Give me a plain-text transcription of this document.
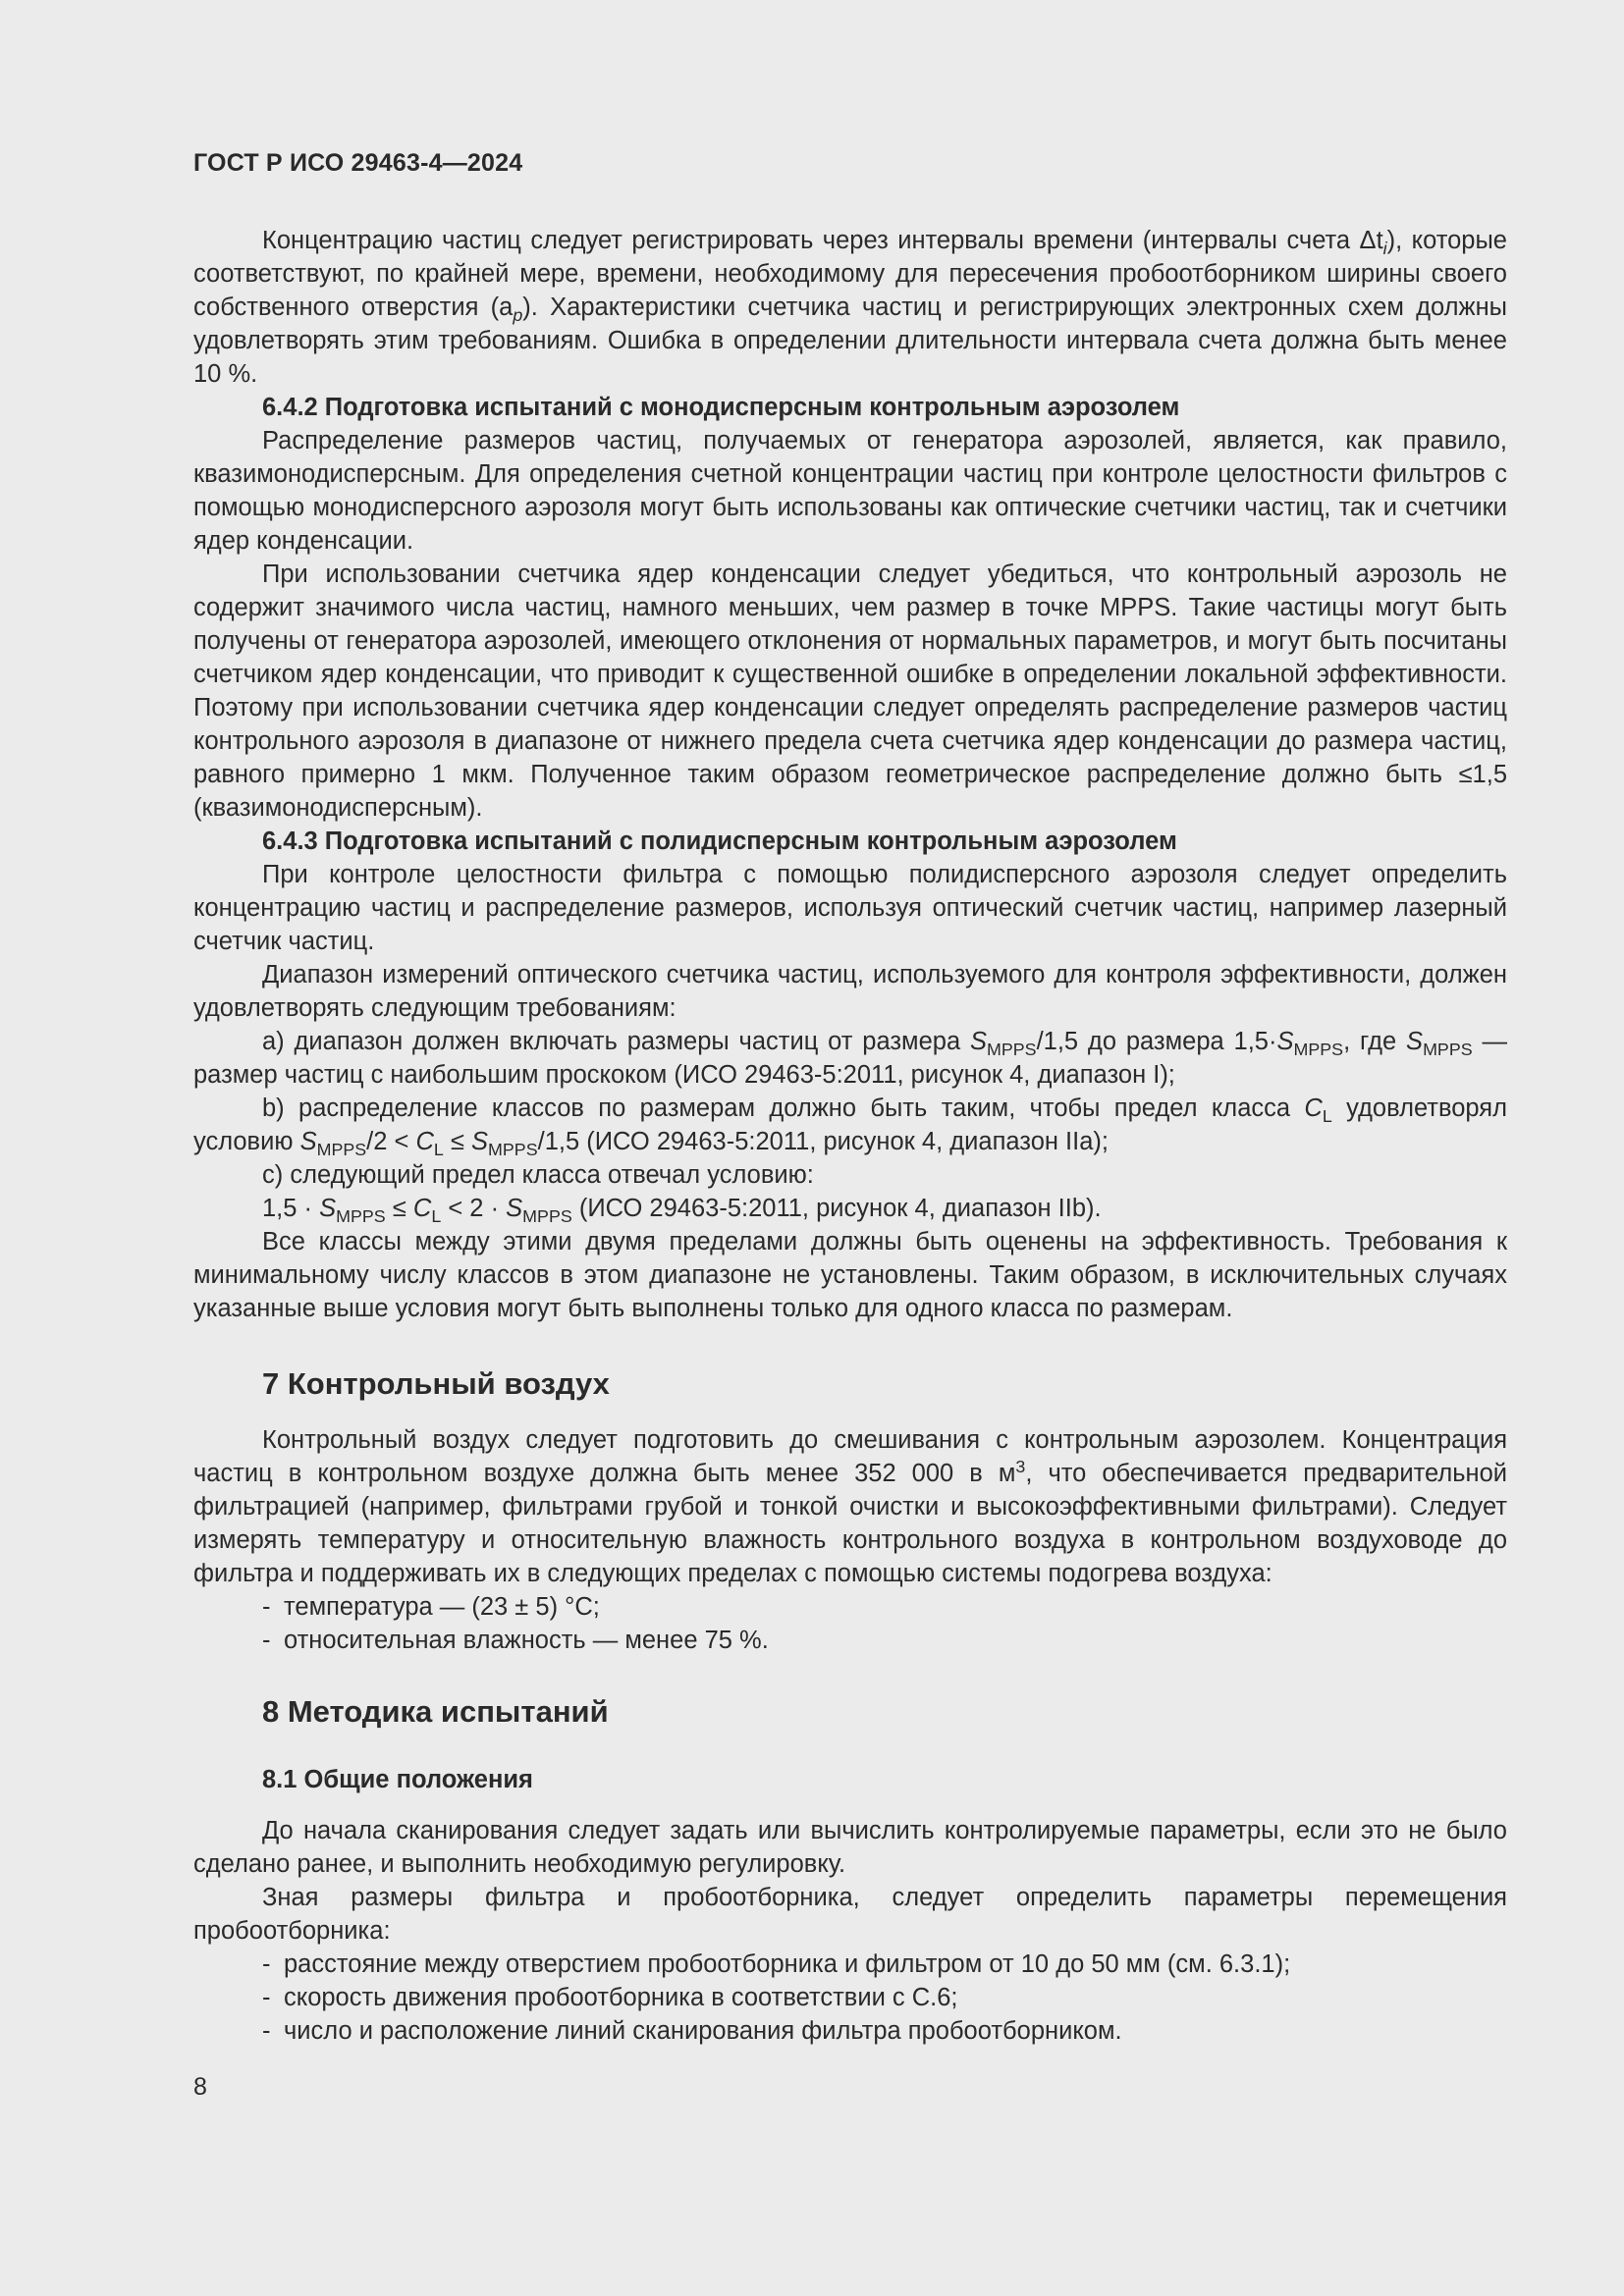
ГОСТ Р ИСО 29463-4—2024

Концентрацию частиц следует регистрировать через интервалы времени (интервалы счета $\Delta t_i$), которые соответствуют, по крайней мере, времени, необходимому для пересечения пробоотборником ширины своего собственного отверстия $(a_p)$. Характеристики счетчика частиц и регистрирующих электронных схем должны удовлетворять этим требованиям. Ошибка в определении длительности интервала счета должна быть менее 10 %.

6.4.2 Подготовка испытаний с монодисперсным контрольным аэрозолем

Распределение размеров частиц, получаемых от генератора аэрозолей, является, как правило, квазимонодисперсным. Для определения счетной концентрации частиц при контроле целостности фильтров с помощью монодисперсного аэрозоля могут быть использованы как оптические счетчики частиц, так и счетчики ядер конденсации.

При использовании счетчика ядер конденсации следует убедиться, что контрольный аэрозоль не содержит значимого числа частиц, намного меньших, чем размер в точке MPPS. Такие частицы могут быть получены от генератора аэрозолей, имеющего отклонения от нормальных параметров, и могут быть посчитаны счетчиком ядер конденсации, что приводит к существенной ошибке в определении локальной эффективности. Поэтому при использовании счетчика ядер конденсации следует определять распределение размеров частиц контрольного аэрозоля в диапазоне от нижнего предела счета счетчика ядер конденсации до размера частиц, равного примерно 1 мкм. Полученное таким образом геометрическое распределение должно быть ≤1,5 (квазимонодисперсным).

6.4.3 Подготовка испытаний с полидисперсным контрольным аэрозолем

При контроле целостности фильтра с помощью полидисперсного аэрозоля следует определить концентрацию частиц и распределение размеров, используя оптический счетчик частиц, например лазерный счетчик частиц.

Диапазон измерений оптического счетчика частиц, используемого для контроля эффективности, должен удовлетворять следующим требованиям:

a) диапазон должен включать размеры частиц от размера $S_{MPPS}/1,5$ до размера $1,5\cdot S_{MPPS}$, где $S_{MPPS}$ — размер частиц с наибольшим проскоком (ИСО 29463-5:2011, рисунок 4, диапазон I);

b) распределение классов по размерам должно быть таким, чтобы предел класса $C_L$ удовлетворял условию $S_{MPPS}/2 < C_L \le S_{MPPS}/1,5$ (ИСО 29463-5:2011, рисунок 4, диапазон IIa);

c) следующий предел класса отвечал условию:

$1,5 \cdot S_{MPPS} \le C_L < 2 \cdot S_{MPPS}$ (ИСО 29463-5:2011, рисунок 4, диапазон IIb).

Все классы между этими двумя пределами должны быть оценены на эффективность. Требования к минимальному числу классов в этом диапазоне не установлены. Таким образом, в исключительных случаях указанные выше условия могут быть выполнены только для одного класса по размерам.

7 Контрольный воздух

Контрольный воздух следует подготовить до смешивания с контрольным аэрозолем. Концентрация частиц в контрольном воздухе должна быть менее 352 000 в $м^3$, что обеспечивается предварительной фильтрацией (например, фильтрами грубой и тонкой очистки и высокоэффективными фильтрами). Следует измерять температуру и относительную влажность контрольного воздуха в контрольном воздуховоде до фильтра и поддерживать их в следующих пределах с помощью системы подогрева воздуха:

- температура — (23 ± 5) °С;

- относительная влажность — менее 75 %.

8 Методика испытаний
8.1 Общие положения

До начала сканирования следует задать или вычислить контролируемые параметры, если это не было сделано ранее, и выполнить необходимую регулировку.

Зная размеры фильтра и пробоотборника, следует определить параметры перемещения пробоотборника:

- расстояние между отверстием пробоотборника и фильтром от 10 до 50 мм (см. 6.3.1);

- скорость движения пробоотборника в соответствии с С.6;

- число и расположение линий сканирования фильтра пробоотборником.

8
